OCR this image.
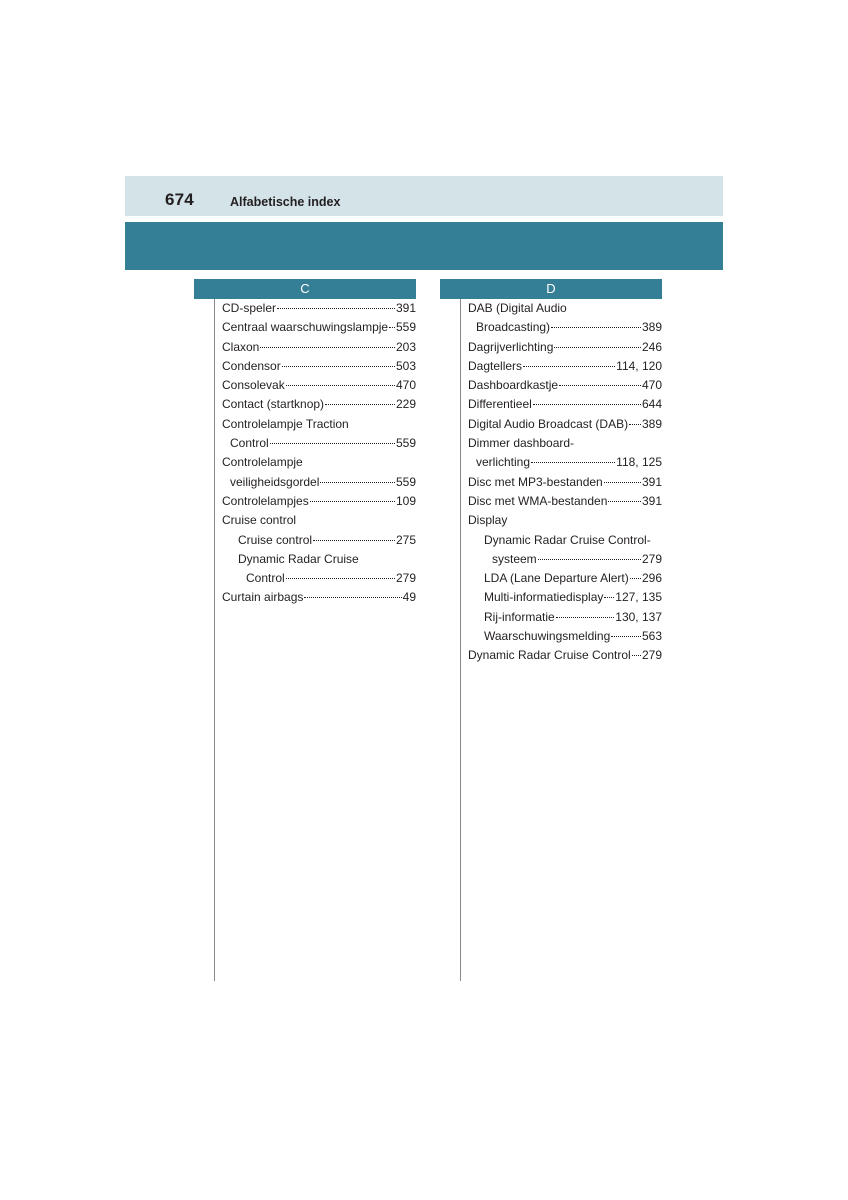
674	Alfabetische index
C	D
CD-speler	391
Centraal waarschuwingslampje 559
Claxon	203
Condensor	503
Consolevak	470
Contact (startknop)	229
Controlelampje Traction
Control	559
Controlelampje
veiligheidsgordel	559
Controlelampjes	109
Cruise control
Cruise control	275
Dynamic Radar Cruise
Control	279
Curtain airbags	49
DAB (Digital Audio
Broadcasting)	389
Dagrijverlichting	246
Dagtellers	114, 120
Dashboardkastje	470
Differentieel	644
Digital Audio Broadcast (DAB) 389
Dimmer dashboard-
verlichting	118, 125
Disc met MP3-bestanden	391
Disc met WMA-bestanden	391
Display
Dynamic Radar Cruise Control-
systeem	279
LDA (Lane Departure Alert) 296
Multi-informatiedisplay 127, 135
Rij-informatie	130, 137
Waarschuwingsmelding	563
Dynamic Radar Cruise Control 279
